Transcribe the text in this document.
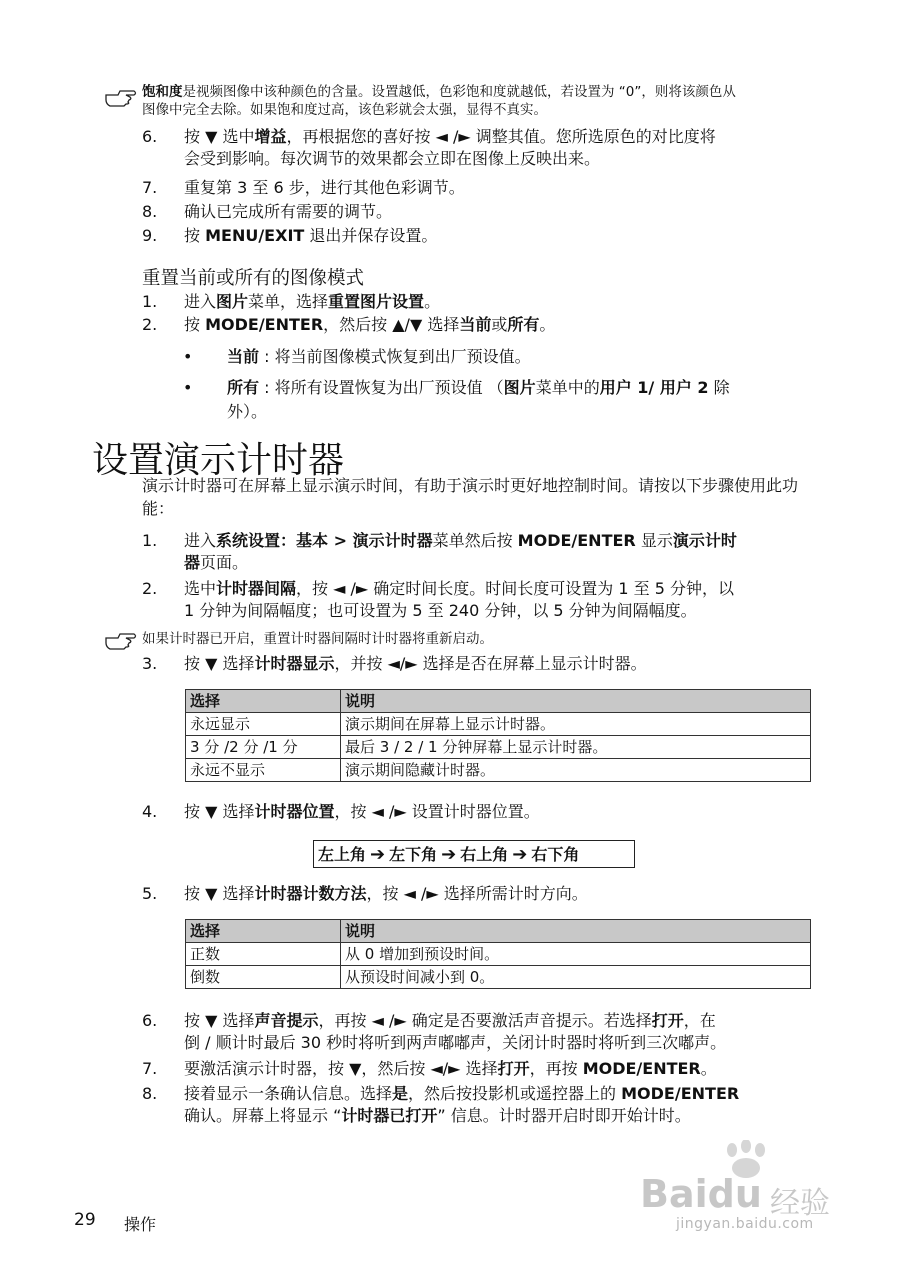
饱和度是视频图像中该种颜色的含量。设置越低，色彩饱和度就越低，若设置为 “0”，则将该颜色从
图像中完全去除。如果饱和度过高，该色彩就会太强，显得不真实。
6.	按 ▼ 选中增益，再根据您的喜好按 ◄ /► 调整其值。您所选原色的对比度将
会受到影响。每次调节的效果都会立即在图像上反映出来。
7.	重复第 3 至 6 步，进行其他色彩调节。
8.	确认已完成所有需要的调节。
9.	按 MENU/EXIT 退出并保存设置。
重置当前或所有的图像模式
1.	进入图片菜单，选择重置图片设置。
2.	按 MODE/ENTER，然后按 ▲/▼ 选择当前或所有。
• 当前 : 将当前图像模式恢复到出厂预设值。
• 所有 : 将所有设置恢复为出厂预设值 （图片菜单中的用户 1/ 用户 2 除
外）。
设置演示计时器
演示计时器可在屏幕上显示演示时间，有助于演示时更好地控制时间。请按以下步骤使用此功能：
1.	进入系统设置：基本 > 演示计时器菜单然后按 MODE/ENTER 显示演示计时
器页面。
2.	选中计时器间隔，按 ◄ /► 确定时间长度。时间长度可设置为 1 至 5 分钟，以
1 分钟为间隔幅度；也可设置为 5 至 240 分钟，以 5 分钟为间隔幅度。
如果计时器已开启，重置计时器间隔时计时器将重新启动。
3.	按 ▼ 选择计时器显示，并按 ◄/► 选择是否在屏幕上显示计时器。
选择	说明
永远显示	演示期间在屏幕上显示计时器。
3 分 /2 分 /1 分	最后 3 / 2 / 1 分钟屏幕上显示计时器。
永远不显示	演示期间隐藏计时器。
4.	按 ▼ 选择计时器位置，按 ◄ /► 设置计时器位置。
左上角 ➔ 左下角 ➔ 右上角 ➔ 右下角
5.	按 ▼ 选择计时器计数方法，按 ◄ /► 选择所需计时方向。
选择	说明
正数	从 0 增加到预设时间。
倒数	从预设时间减小到 0。
6.	按 ▼ 选择声音提示，再按 ◄ /► 确定是否要激活声音提示。若选择打开，在
倒 / 顺计时最后 30 秒时将听到两声嘟嘟声，关闭计时器时将听到三次嘟声。
7.	要激活演示计时器，按 ▼，然后按 ◄/► 选择打开，再按 MODE/ENTER。
8.	接着显示一条确认信息。选择是，然后按投影机或遥控器上的 MODE/ENTER
确认。屏幕上将显示 “计时器已打开” 信息。计时器开启时即开始计时。
Baidu 经验
jingyan.baidu.com
29 操作
